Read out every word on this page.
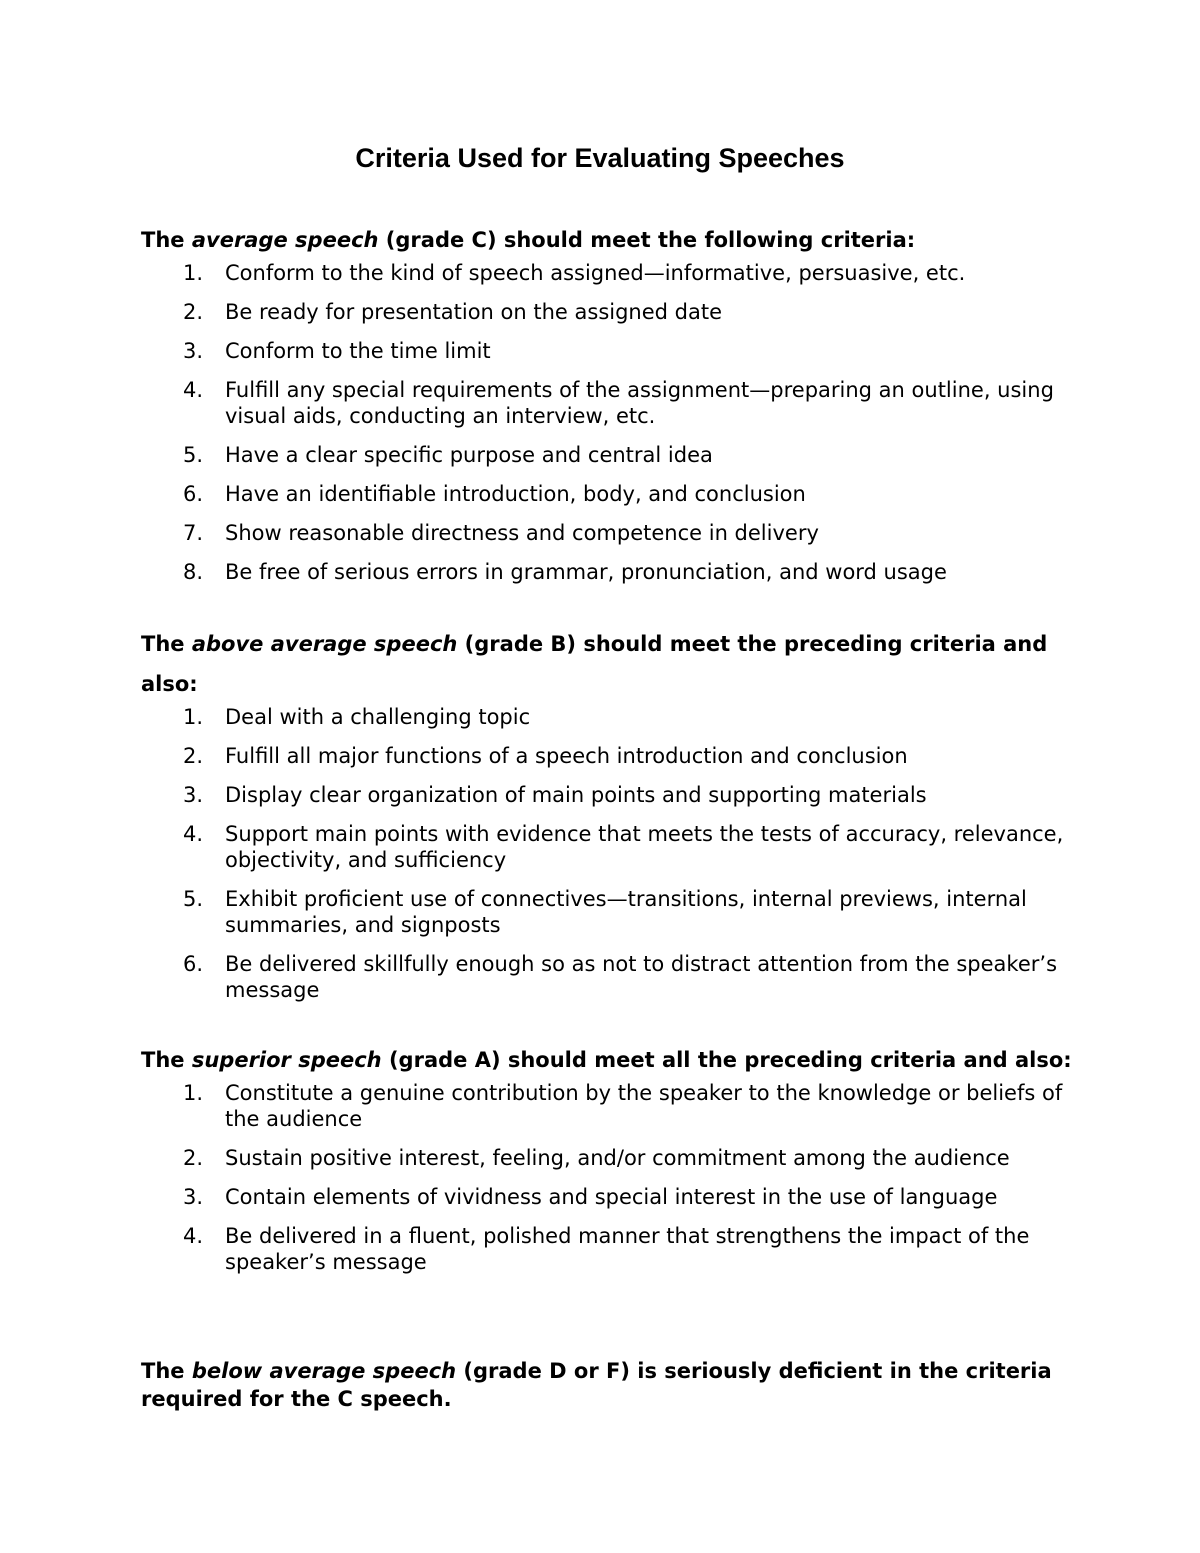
Criteria Used for Evaluating Speeches

The average speech (grade C) should meet the following criteria:

1. Conform to the kind of speech assigned—informative, persuasive, etc.
2. Be ready for presentation on the assigned date
3. Conform to the time limit
4. Fulfill any special requirements of the assignment—preparing an outline, using visual aids, conducting an interview, etc.
5. Have a clear specific purpose and central idea
6. Have an identifiable introduction, body, and conclusion
7. Show reasonable directness and competence in delivery
8. Be free of serious errors in grammar, pronunciation, and word usage

The above average speech (grade B) should meet the preceding criteria and also:

1. Deal with a challenging topic
2. Fulfill all major functions of a speech introduction and conclusion
3. Display clear organization of main points and supporting materials
4. Support main points with evidence that meets the tests of accuracy, relevance, objectivity, and sufficiency
5. Exhibit proficient use of connectives—transitions, internal previews, internal summaries, and signposts
6. Be delivered skillfully enough so as not to distract attention from the speaker’s message

The superior speech (grade A) should meet all the preceding criteria and also:

1. Constitute a genuine contribution by the speaker to the knowledge or beliefs of the audience
2. Sustain positive interest, feeling, and/or commitment among the audience
3. Contain elements of vividness and special interest in the use of language
4. Be delivered in a fluent, polished manner that strengthens the impact of the speaker’s message

The below average speech (grade D or F) is seriously deficient in the criteria required for the C speech.
